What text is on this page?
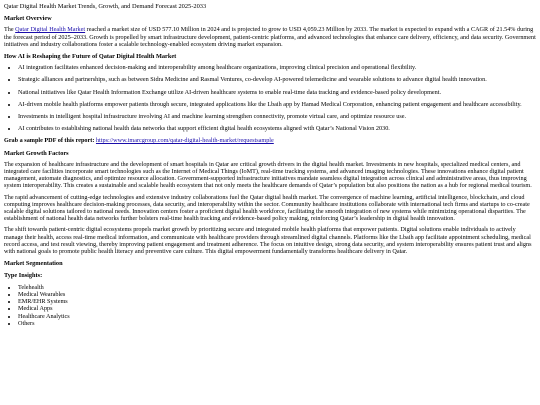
Qatar Digital Health Market Trends, Growth, and Demand Forecast 2025-2033
Market Overview

The Qatar Digital Health Market reached a market size of USD 577.10 Million in 2024 and is projected to grow to USD 4,059.23 Million by 2033. The market is expected to expand with a CAGR of 21.54% during the forecast period of 2025–2033. Growth is propelled by smart infrastructure development, patient-centric platforms, and advanced technologies that enhance care delivery, efficiency, and data security. Government initiatives and industry collaborations foster a scalable technology-enabled ecosystem driving market expansion.

How AI is Reshaping the Future of Qatar Digital Health Market
• AI integration facilitates enhanced decision-making and interoperability among healthcare organizations, improving clinical precision and operational flexibility.
• Strategic alliances and partnerships, such as between Sidra Medicine and Rasmal Ventures, co-develop AI-powered telemedicine and wearable solutions to advance digital health innovation.
• National initiatives like Qatar Health Information Exchange utilize AI-driven healthcare systems to enable real-time data tracking and evidence-based policy development.
• AI-driven mobile health platforms empower patients through secure, integrated applications like the Lbaih app by Hamad Medical Corporation, enhancing patient engagement and healthcare accessibility.
• Investments in intelligent hospital infrastructure involving AI and machine learning strengthen connectivity, promote virtual care, and optimize resource use.
• AI contributes to establishing national health data networks that support efficient digital health ecosystems aligned with Qatar’s National Vision 2030.

Grab a sample PDF of this report: https://www.imarcgroup.com/qatar-digital-health-market/requestsample

Market Growth Factors

The expansion of healthcare infrastructure and the development of smart hospitals in Qatar are critical growth drivers in the digital health market. Investments in new hospitals, specialized medical centers, and integrated care facilities incorporate smart technologies such as the Internet of Medical Things (IoMT), real-time tracking systems, and advanced imaging technologies. These innovations enhance digital patient management, automate diagnostics, and optimize resource allocation. Government-supported infrastructure initiatives mandate seamless digital integration across clinical and administrative areas, thus improving system interoperability. This creates a sustainable and scalable health ecosystem that not only meets the healthcare demands of Qatar’s population but also positions the nation as a hub for regional medical tourism.

The rapid advancement of cutting-edge technologies and extensive industry collaborations fuel the Qatar digital health market. The convergence of machine learning, artificial intelligence, blockchain, and cloud computing improves healthcare decision-making processes, data security, and interoperability within the sector. Community healthcare institutions collaborate with international tech firms and startups to co-create scalable digital solutions tailored to national needs. Innovation centers foster a proficient digital health workforce, facilitating the smooth integration of new systems while minimizing operational disparities. The establishment of national health data networks further bolsters real-time health tracking and evidence-based policy making, reinforcing Qatar’s leadership in digital health innovation.

The shift towards patient-centric digital ecosystems propels market growth by prioritizing secure and integrated mobile health platforms that empower patients. Digital solutions enable individuals to actively manage their health, access real-time medical information, and communicate with healthcare providers through streamlined digital channels. Platforms like the Lbaih app facilitate appointment scheduling, medical record access, and test result viewing, thereby improving patient engagement and treatment adherence. The focus on intuitive design, strong data security, and system interoperability ensures patient trust and aligns with national goals to promote public health literacy and preventive care culture. This digital empowerment fundamentally transforms healthcare delivery in Qatar.

Market Segmentation
Type Insights:
• Telehealth
• Medical Wearables
• EMR/EHR Systems
• Medical Apps
• Healthcare Analytics
• Others
